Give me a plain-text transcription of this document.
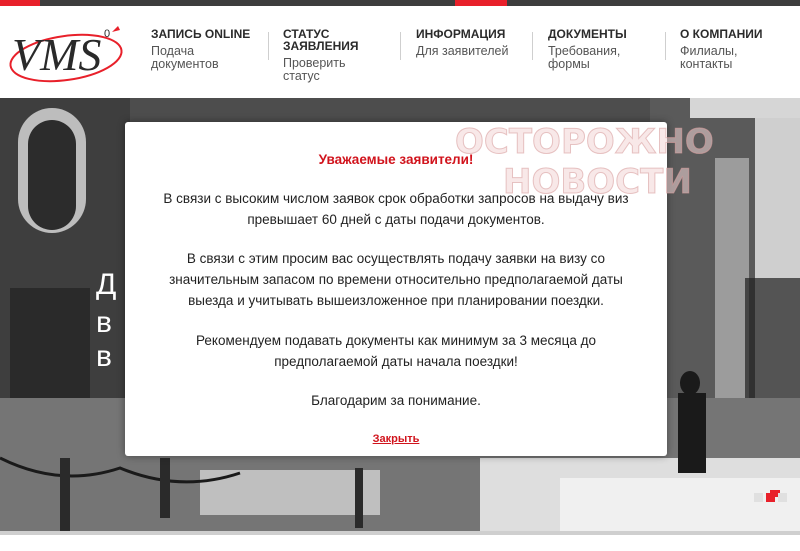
VMS 0	ЗАПИСЬ ONLINE
Подача
документов
СТАТУС
ЗАЯВЛЕНИЯ
Проверить
статус
ИНФОРМАЦИЯ
Для заявителей
ДОКУМЕНТЫ
Требования,
формы
О КОМПАНИИ
Филиалы,
контакты
Д
в
в
Уважаемые заявители!

В связи с высоким числом заявок срок обработки запросов на выдачу виз
превышает 60 дней с даты подачи документов.

В связи с этим просим вас осуществлять подачу заявки на визу со
значительным запасом по времени относительно предполагаемой даты
выезда и учитывать вышеизложенное при планировании поездки.

Рекомендуем подавать документы как минимум за 3 месяца до
предполагаемой даты начала поездки!

Благодарим за понимание.

Закрыть
ОСТОРОЖНО
НОВОСТИ
